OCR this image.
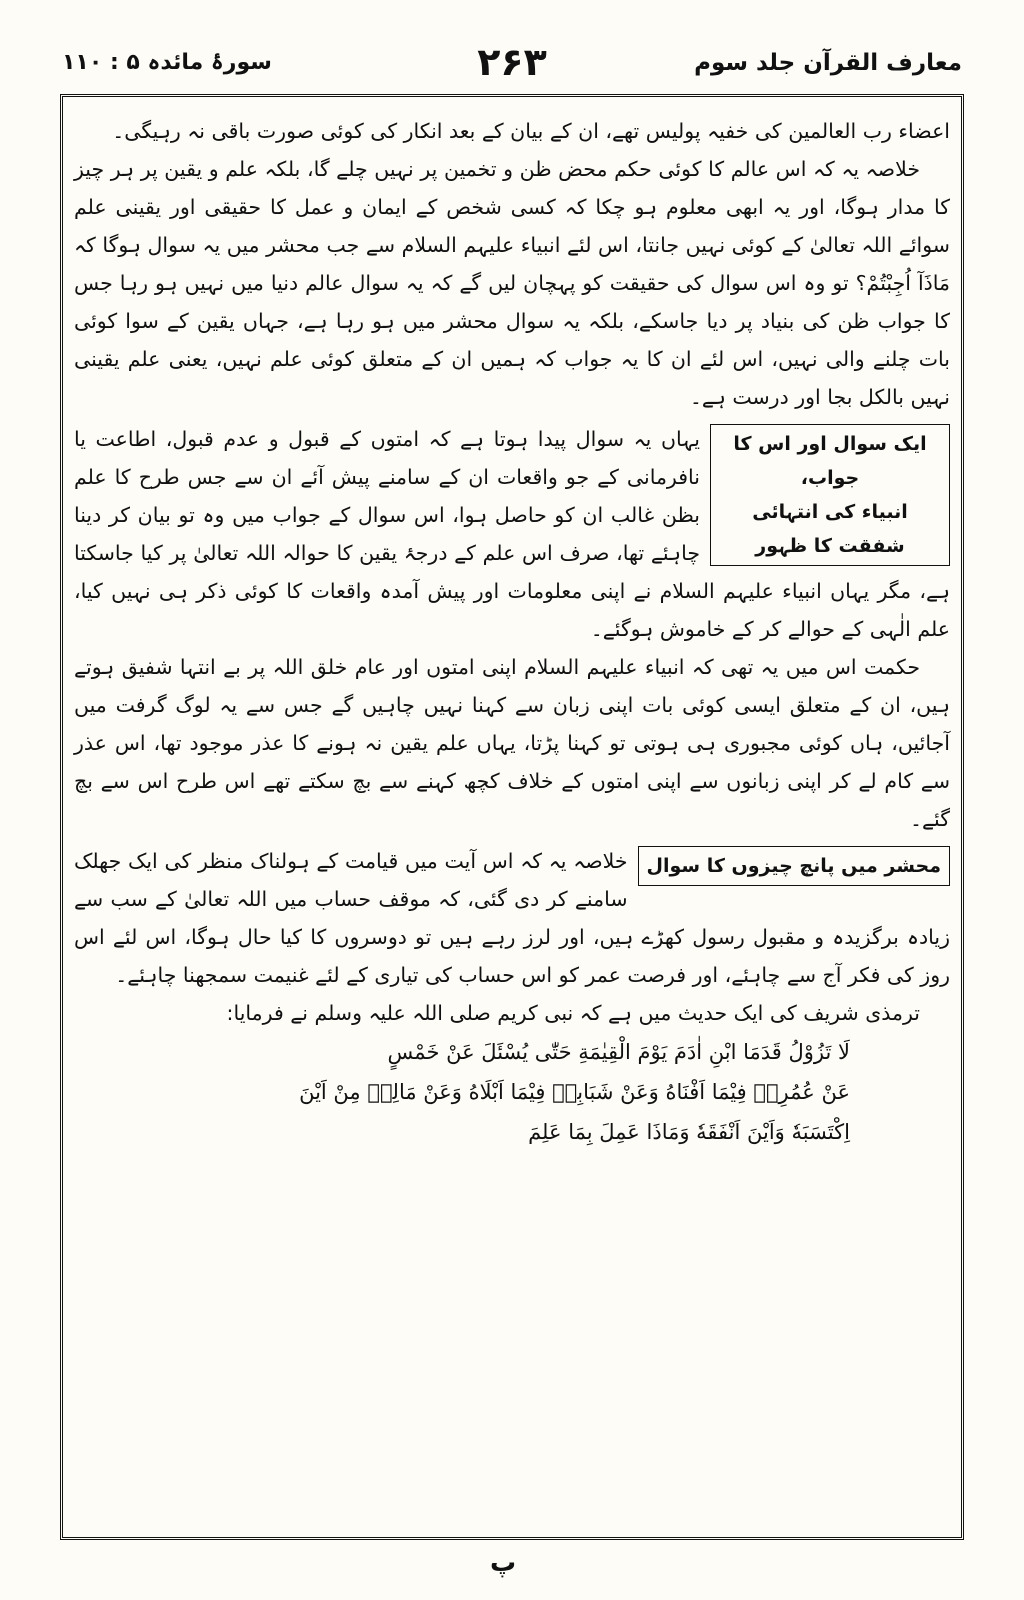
معارف القرآن جلد سوم
۲۶۳
سورۂ مائدہ ۵ : ۱۱۰

اعضاء رب العالمین کی خفیہ پولیس تھے، ان کے بیان کے بعد انکار کی کوئی صورت باقی نہ رہیگی۔

خلاصہ یہ کہ اس عالم کا کوئی حکم محض ظن و تخمین پر نہیں چلے گا، بلکہ علم و یقین پر ہر چیز کا مدار ہوگا، اور یہ ابھی معلوم ہو چکا کہ کسی شخص کے ایمان و عمل کا حقیقی اور یقینی علم سوائے اللہ تعالیٰ کے کوئی نہیں جانتا، اس لئے انبیاء علیہم السلام سے جب محشر میں یہ سوال ہوگا کہ مَاذَآ اُجِبْتُمْ؟ تو وہ اس سوال کی حقیقت کو پہچان لیں گے کہ یہ سوال عالم دنیا میں نہیں ہو رہا جس کا جواب ظن کی بنیاد پر دیا جاسکے، بلکہ یہ سوال محشر میں ہو رہا ہے، جہاں یقین کے سوا کوئی بات چلنے والی نہیں، اس لئے ان کا یہ جواب کہ ہمیں ان کے متعلق کوئی علم نہیں، یعنی علم یقینی نہیں بالکل بجا اور درست ہے۔

ایک سوال اور اس کا جواب،
انبیاء کی انتہائی شفقت کا ظہور
یہاں یہ سوال پیدا ہوتا ہے کہ امتوں کے قبول و عدم قبول، اطاعت یا نافرمانی کے جو واقعات ان کے سامنے پیش آئے ان سے جس طرح کا علم بظن غالب ان کو حاصل ہوا، اس سوال کے جواب میں وہ تو بیان کر دینا چاہئے تھا، صرف اس علم کے درجۂ یقین کا حوالہ اللہ تعالیٰ پر کیا جاسکتا ہے، مگر یہاں انبیاء علیہم السلام نے اپنی معلومات اور پیش آمدہ واقعات کا کوئی ذکر ہی نہیں کیا، علم الٰہی کے حوالے کر کے خاموش ہوگئے۔

حکمت اس میں یہ تھی کہ انبیاء علیہم السلام اپنی امتوں اور عام خلق اللہ پر بے انتہا شفیق ہوتے ہیں، ان کے متعلق ایسی کوئی بات اپنی زبان سے کہنا نہیں چاہیں گے جس سے یہ لوگ گرفت میں آجائیں، ہاں کوئی مجبوری ہی ہوتی تو کہنا پڑتا، یہاں علم یقین نہ ہونے کا عذر موجود تھا، اس عذر سے کام لے کر اپنی زبانوں سے اپنی امتوں کے خلاف کچھ کہنے سے بچ سکتے تھے اس طرح اس سے بچ گئے۔

محشر میں پانچ چیزوں کا سوال
خلاصہ یہ کہ اس آیت میں قیامت کے ہولناک منظر کی ایک جھلک سامنے کر دی گئی، کہ موقف حساب میں اللہ تعالیٰ کے سب سے زیادہ برگزیدہ و مقبول رسول کھڑے ہیں، اور لرز رہے ہیں تو دوسروں کا کیا حال ہوگا، اس لئے اس روز کی فکر آج سے چاہئے، اور فرصت عمر کو اس حساب کی تیاری کے لئے غنیمت سمجھنا چاہئے۔

ترمذی شریف کی ایک حدیث میں ہے کہ نبی کریم صلی اللہ علیہ وسلم نے فرمایا:

لَا تَزُوْلُ قَدَمَا ابْنِ اٰدَمَ یَوْمَ الْقِیٰمَةِ حَتّٰی یُسْئَلَ عَنْ خَمْسٍ
عَنْ عُمُرِهٖ فِیْمَا اَفْنَاهُ وَعَنْ شَبَابِهٖ فِیْمَا اَبْلَاهُ وَعَنْ مَالِهٖ مِنْ اَیْنَ
اِكْتَسَبَهٗ وَاَیْنَ اَنْفَقَهٗ وَمَاذَا عَمِلَ بِمَا عَلِمَ
پ
